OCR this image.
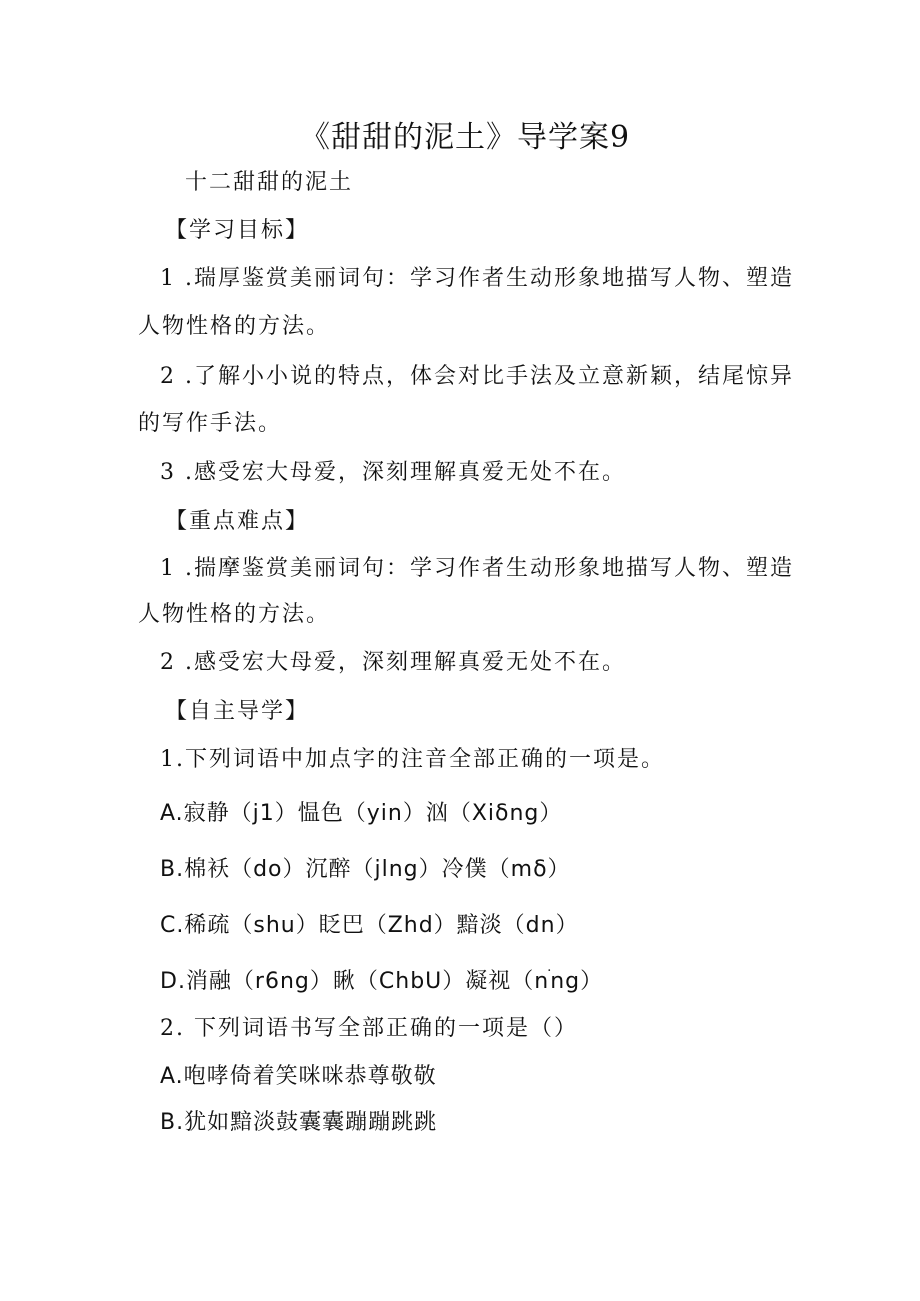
《甜甜的泥土》导学案9
十二甜甜的泥土
【学习目标】
1 .瑞厚鉴赏美丽词句：学习作者生动形象地描写人物、塑造
人物性格的方法。
2 .了解小小说的特点，体会对比手法及立意新颖，结尾惊异
的写作手法。
3 .感受宏大母爱，深刻理解真爱无处不在。
【重点难点】
1 .揣摩鉴赏美丽词句：学习作者生动形象地描写人物、塑造
人物性格的方法。
2 .感受宏大母爱，深刻理解真爱无处不在。
【自主导学】
1.下列词语中加点字的注音全部正确的一项是。
A.寂静（j1）愠色（yin）汹（Xiδng）
B.棉袄（do）沉醉（jlng）冷僕（mδ）
C.稀疏（shu）眨巴（Zhd）黯淡（dn）
D.消融（r6ng）瞅（ChbU）凝视（nׄng）
2. 下列词语书写全部正确的一项是（）
A.咆哮倚着笑咪咪恭尊敬敬
B.犹如黯淡鼓囊囊蹦蹦跳跳
